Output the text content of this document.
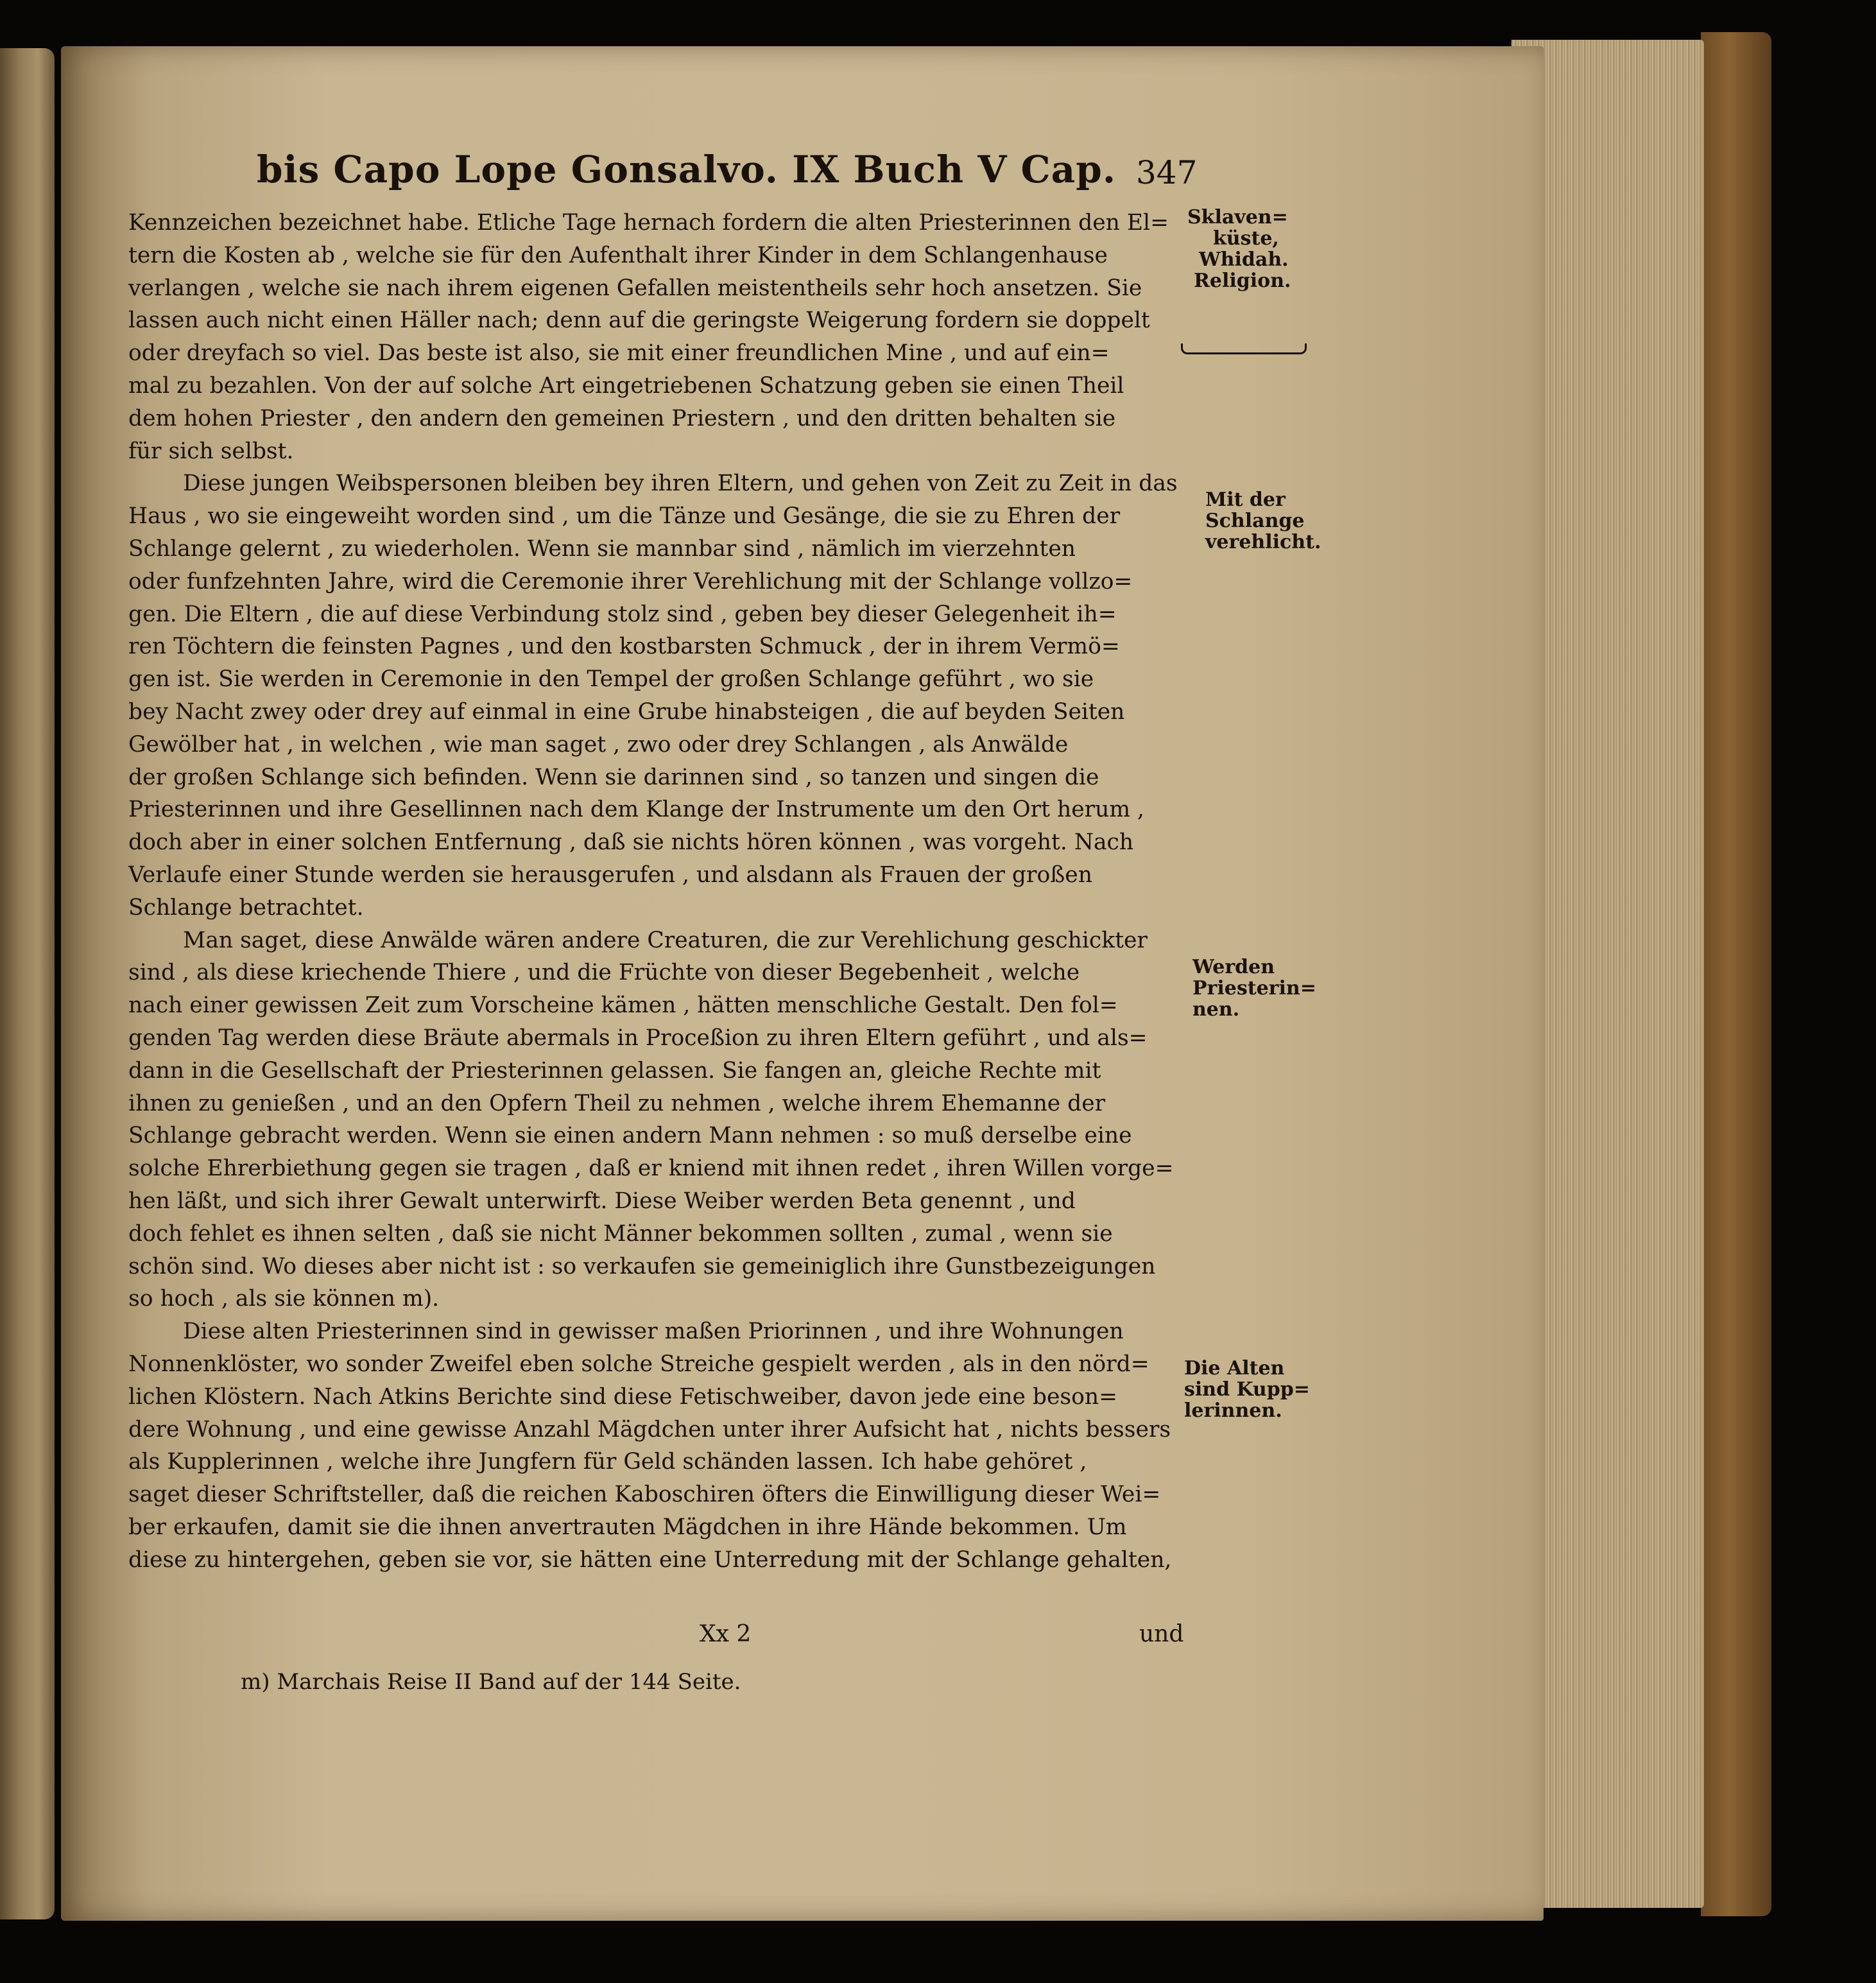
bis Capo Lope Gonsalvo. IX Buch V Cap. 347
Kennzeichen bezeichnet habe. Etliche Tage hernach fordern die alten Priesterinnen den El=
tern die Kosten ab , welche sie für den Aufenthalt ihrer Kinder in dem Schlangenhause
verlangen , welche sie nach ihrem eigenen Gefallen meistentheils sehr hoch ansetzen. Sie
lassen auch nicht einen Häller nach; denn auf die geringste Weigerung fordern sie doppelt
oder dreyfach so viel. Das beste ist also, sie mit einer freundlichen Mine , und auf ein=
mal zu bezahlen. Von der auf solche Art eingetriebenen Schatzung geben sie einen Theil
dem hohen Priester , den andern den gemeinen Priestern , und den dritten behalten sie
für sich selbst.
Diese jungen Weibspersonen bleiben bey ihren Eltern, und gehen von Zeit zu Zeit in das
Haus , wo sie eingeweiht worden sind , um die Tänze und Gesänge, die sie zu Ehren der
Schlange gelernt , zu wiederholen. Wenn sie mannbar sind , nämlich im vierzehnten
oder funfzehnten Jahre, wird die Ceremonie ihrer Verehlichung mit der Schlange vollzo=
gen. Die Eltern , die auf diese Verbindung stolz sind , geben bey dieser Gelegenheit ih=
ren Töchtern die feinsten Pagnes , und den kostbarsten Schmuck , der in ihrem Vermö=
gen ist. Sie werden in Ceremonie in den Tempel der großen Schlange geführt , wo sie
bey Nacht zwey oder drey auf einmal in eine Grube hinabsteigen , die auf beyden Seiten
Gewölber hat , in welchen , wie man saget , zwo oder drey Schlangen , als Anwälde
der großen Schlange sich befinden. Wenn sie darinnen sind , so tanzen und singen die
Priesterinnen und ihre Gesellinnen nach dem Klange der Instrumente um den Ort herum ,
doch aber in einer solchen Entfernung , daß sie nichts hören können , was vorgeht. Nach
Verlaufe einer Stunde werden sie herausgerufen , und alsdann als Frauen der großen
Schlange betrachtet.
Man saget, diese Anwälde wären andere Creaturen, die zur Verehlichung geschickter
sind , als diese kriechende Thiere , und die Früchte von dieser Begebenheit , welche
nach einer gewissen Zeit zum Vorscheine kämen , hätten menschliche Gestalt. Den fol=
genden Tag werden diese Bräute abermals in Proceßion zu ihren Eltern geführt , und als=
dann in die Gesellschaft der Priesterinnen gelassen. Sie fangen an, gleiche Rechte mit
ihnen zu genießen , und an den Opfern Theil zu nehmen , welche ihrem Ehemanne der
Schlange gebracht werden. Wenn sie einen andern Mann nehmen : so muß derselbe eine
solche Ehrerbiethung gegen sie tragen , daß er kniend mit ihnen redet , ihren Willen vorge=
hen läßt, und sich ihrer Gewalt unterwirft. Diese Weiber werden Beta genennt , und
doch fehlet es ihnen selten , daß sie nicht Männer bekommen sollten , zumal , wenn sie
schön sind. Wo dieses aber nicht ist : so verkaufen sie gemeiniglich ihre Gunstbezeigungen
so hoch , als sie können m).
Diese alten Priesterinnen sind in gewisser maßen Priorinnen , und ihre Wohnungen
Nonnenklöster, wo sonder Zweifel eben solche Streiche gespielt werden , als in den nörd=
lichen Klöstern. Nach Atkins Berichte sind diese Fetischweiber, davon jede eine beson=
dere Wohnung , und eine gewisse Anzahl Mägdchen unter ihrer Aufsicht hat , nichts bessers
als Kupplerinnen , welche ihre Jungfern für Geld schänden lassen. Ich habe gehöret ,
saget dieser Schriftsteller, daß die reichen Kaboschiren öfters die Einwilligung dieser Wei=
ber erkaufen, damit sie die ihnen anvertrauten Mägdchen in ihre Hände bekommen. Um
diese zu hintergehen, geben sie vor, sie hätten eine Unterredung mit der Schlange gehalten,
Sklaven=
küste,
Whidah.
Religion.
Mit der
Schlange
verehlicht.
Werden
Priesterin=
nen.
Die Alten
sind Kupp=
lerinnen.
Xx 2	und
m) Marchais Reise II Band auf der 144 Seite.
